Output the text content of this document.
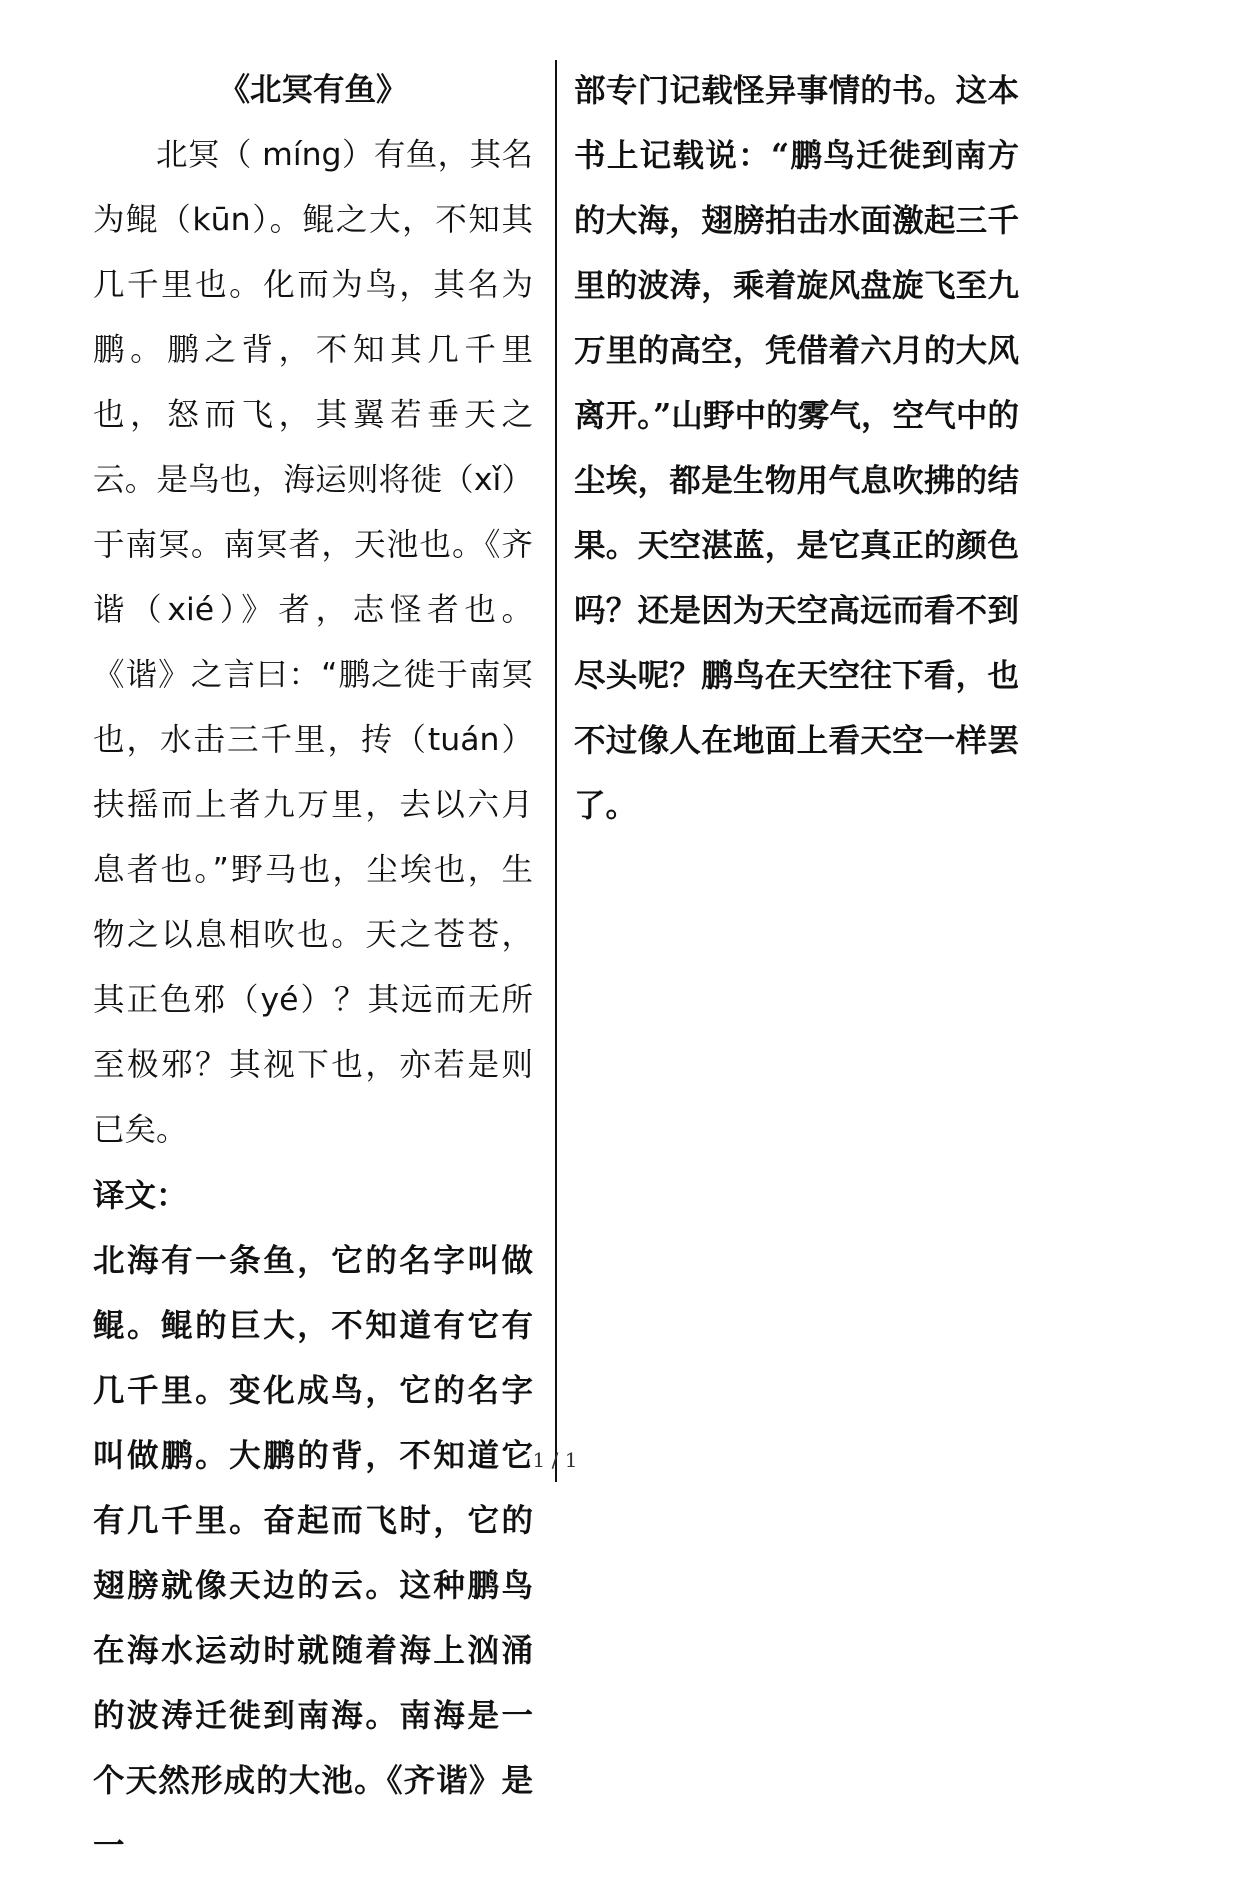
《北冥有鱼》

北冥（ míng）有鱼，其名为鲲（kūn）。鲲之大，不知其几千里也。化而为鸟，其名为鹏。鹏之背，不知其几千里也，怒而飞，其翼若垂天之云。是鸟也，海运则将徙（xǐ）于南冥。南冥者，天池也。《齐谐（xié）》者，志怪者也。《谐》之言曰：“鹏之徙于南冥也，水击三千里，抟（tuán）扶摇而上者九万里，去以六月息者也。”野马也，尘埃也，生物之以息相吹也。天之苍苍，其正色邪（yé）？其远而无所至极邪？其视下也，亦若是则已矣。

译文：

北海有一条鱼，它的名字叫做鲲。鲲的巨大，不知道有它有几千里。变化成鸟，它的名字叫做鹏。大鹏的背，不知道它有几千里。奋起而飞时，它的翅膀就像天边的云。这种鹏鸟在海水运动时就随着海上汹涌的波涛迁徙到南海。南海是一个天然形成的大池。《齐谐》是一

部专门记载怪异事情的书。这本书上记载说：“鹏鸟迁徙到南方的大海，翅膀拍击水面激起三千里的波涛，乘着旋风盘旋飞至九万里的高空，凭借着六月的大风离开。”山野中的雾气，空气中的尘埃，都是生物用气息吹拂的结果。天空湛蓝，是它真正的颜色吗？还是因为天空高远而看不到尽头呢？鹏鸟在天空往下看，也不过像人在地面上看天空一样罢了。

1 / 1
